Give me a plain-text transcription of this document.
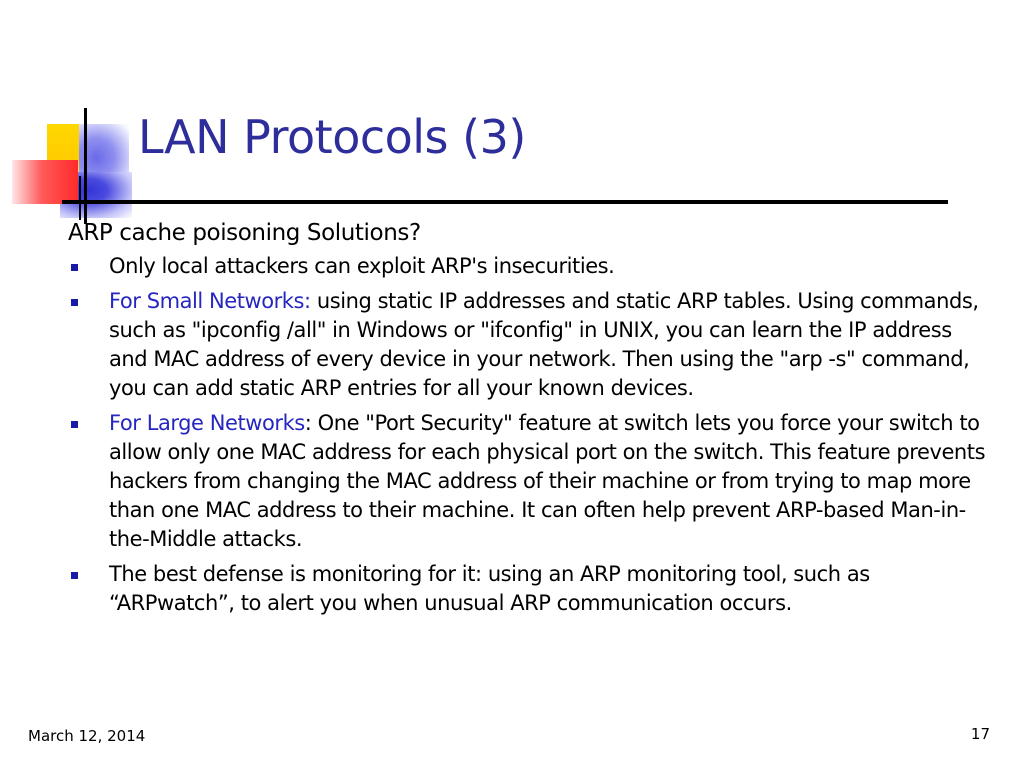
LAN Protocols (3)

ARP cache poisoning Solutions?

Only local attackers can exploit ARP's insecurities.
For Small Networks: using static IP addresses and static ARP tables. Using commands, such as "ipconfig /all" in Windows or "ifconfig" in UNIX, you can learn the IP address and MAC address of every device in your network. Then using the "arp -s" command, you can add static ARP entries for all your known devices.
For Large Networks: One "Port Security" feature at switch lets you force your switch to allow only one MAC address for each physical port on the switch. This feature prevents hackers from changing the MAC address of their machine or from trying to map more than one MAC address to their machine. It can often help prevent ARP-based Man-in-the-Middle attacks.
The best defense is monitoring for it: using an ARP monitoring tool, such as “ARPwatch”, to alert you when unusual ARP communication occurs.
March 12, 2014	17
